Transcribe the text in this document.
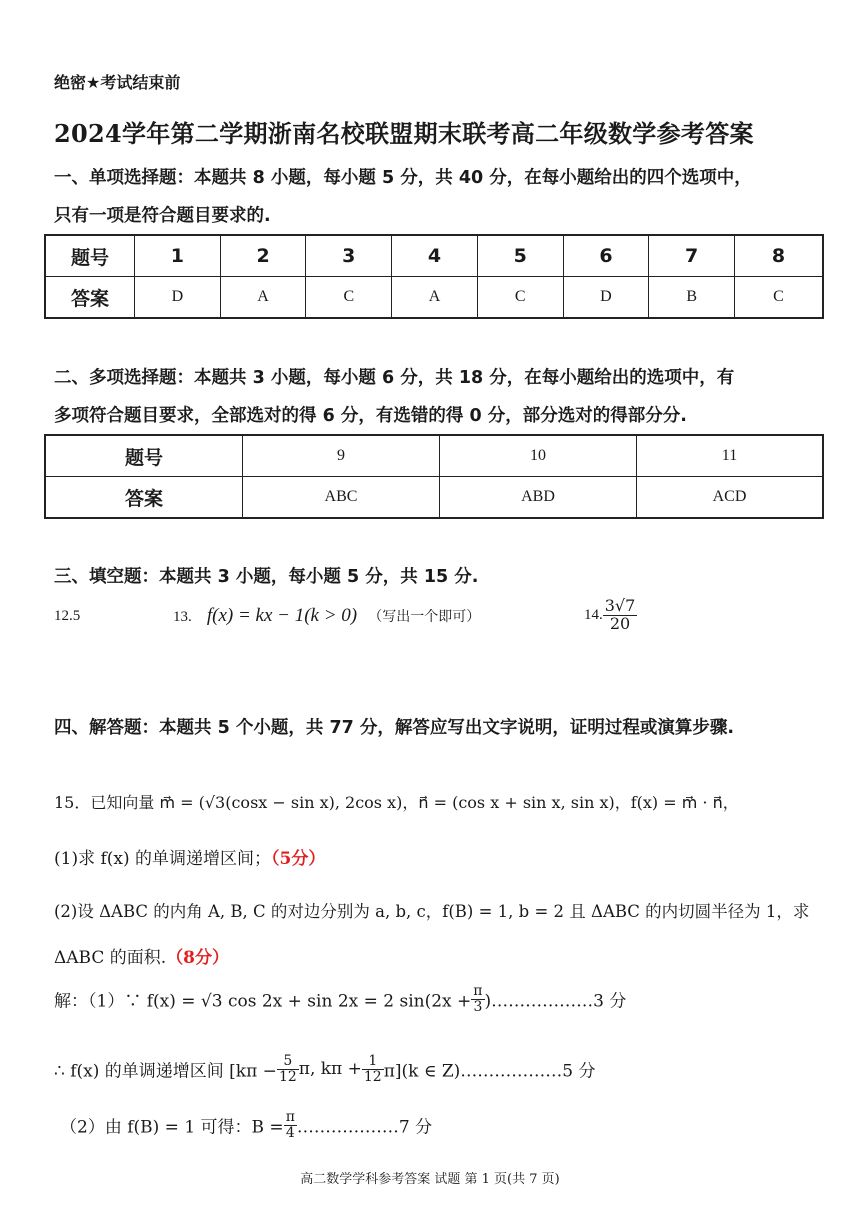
绝密★考试结束前
2024学年第二学期浙南名校联盟期末联考高二年级数学参考答案
一、单项选择题：本题共 8 小题，每小题 5 分，共 40 分，在每小题给出的四个选项中，
只有一项是符合题目要求的.
题号	1	2	3	4	5	6	7	8
答案	D	A	C	A	C	D	B	C
二、多项选择题：本题共 3 小题，每小题 6 分，共 18 分，在每小题给出的选项中，有
多项符合题目要求，全部选对的得 6 分，有选错的得 0 分，部分选对的得部分分.
题号	9	10	11
答案	ABC	ABD	ACD
三、填空题：本题共 3 小题，每小题 5 分，共 15 分.
12.5	13. f(x) = kx − 1(k > 0) （写出一个即可）	14. $\frac{3√7}{20}$
四、解答题：本题共 5 个小题，共 77 分，解答应写出文字说明，证明过程或演算步骤.
15．已知向量 m⃗ = (√3(cosx − sin x), 2cos x)，n⃗ = (cos x + sin x, sin x)，f(x) = m⃗ · n⃗，
(1)求 f(x) 的单调递增区间；（5分）
(2)设 ΔABC 的内角 A, B, C 的对边分别为 a, b, c，f(B) = 1, b = 2 且 ΔABC 的内切圆半径为 1，求
ΔABC 的面积.（8分）
解：（1）∵ f(x) = √3 cos 2x + sin 2x = 2 $\sin(2x + \frac{\pi}{3}$ )………………3 分
∴ f(x) 的单调递增区间 [$k\pi - \frac{5}{12} \pi$, $k\pi + \frac{1}{12} \pi](k$ ∈ Z)………………5 分
（2）由 f(B) = 1 可得：$B = \frac{\pi}{4}$ ………………7 分
高二数学学科参考答案 试题 第 1 页(共 7 页)
